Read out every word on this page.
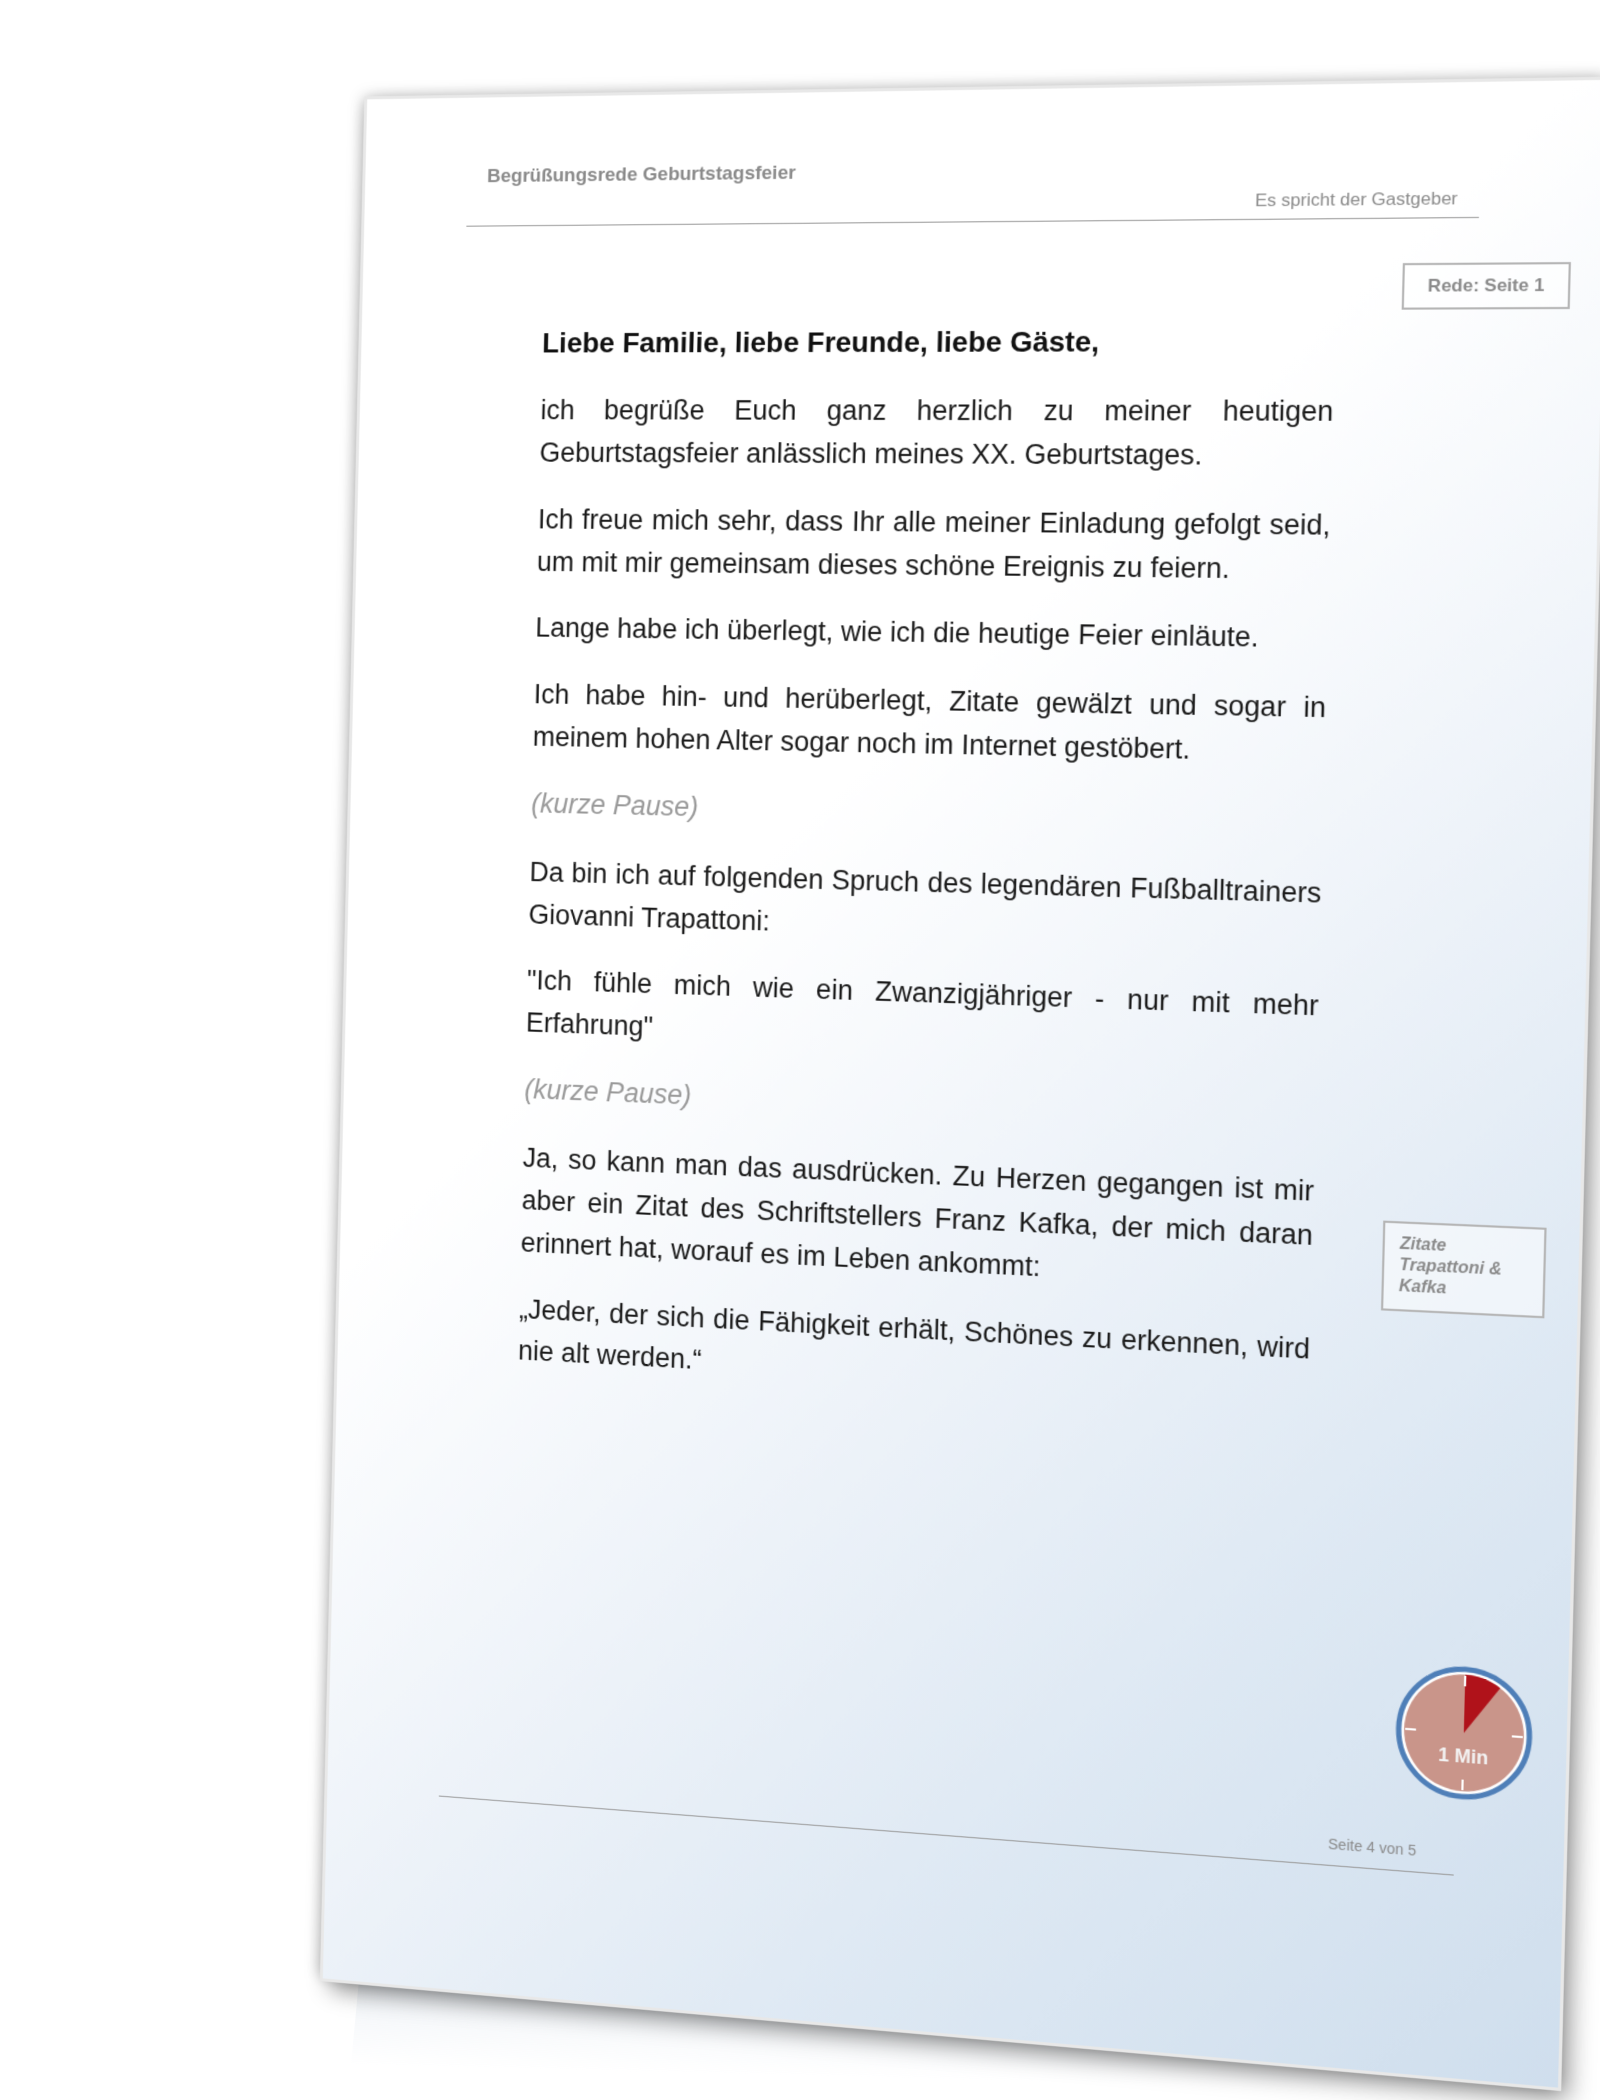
Begrüßungsrede Geburtstagsfeier
Es spricht der Gastgeber
Rede: Seite 1

Liebe Familie, liebe Freunde, liebe Gäste,

ich begrüße Euch ganz herzlich zu meiner heutigen Geburtstagsfeier anlässlich meines XX. Geburtstages.

Ich freue mich sehr, dass Ihr alle meiner Einladung gefolgt seid, um mit mir gemeinsam dieses schöne Ereignis zu feiern.

Lange habe ich überlegt, wie ich die heutige Feier einläute.

Ich habe hin- und herüberlegt, Zitate gewälzt und sogar in meinem hohen Alter sogar noch im Internet gestöbert.

(kurze Pause)

Da bin ich auf folgenden Spruch des legendären Fußballtrainers Giovanni Trapattoni:

"Ich fühle mich wie ein Zwanzigjähriger - nur mit mehr Erfahrung"

(kurze Pause)

Ja, so kann man das ausdrücken. Zu Herzen gegangen ist mir aber ein Zitat des Schriftstellers Franz Kafka, der mich daran erinnert hat, worauf es im Leben ankommt:

„Jeder, der sich die Fähigkeit erhält, Schönes zu erkennen, wird nie alt werden.“

Zitate Trapattoni & Kafka
1 Min
Seite 4 von 5
